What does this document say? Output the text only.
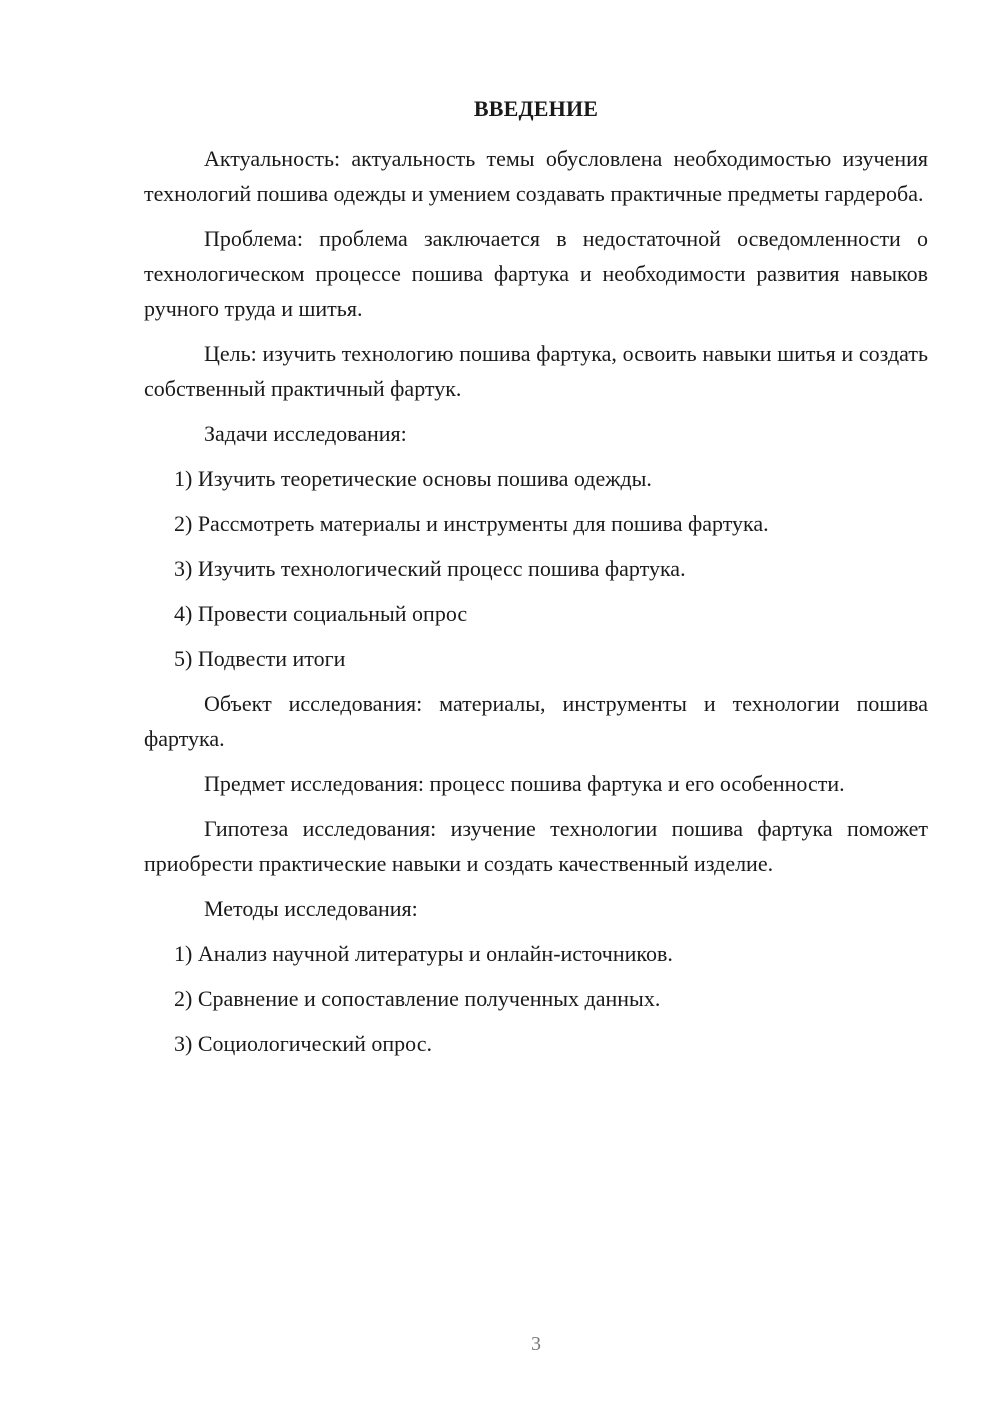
ВВЕДЕНИЕ

Актуальность: актуальность темы обусловлена необходимостью изучения технологий пошива одежды и умением создавать практичные предметы гардероба.

Проблема: проблема заключается в недостаточной осведомленности о технологическом процессе пошива фартука и необходимости развития навыков ручного труда и шитья.

Цель: изучить технологию пошива фартука, освоить навыки шитья и создать собственный практичный фартук.

Задачи исследования:

1) Изучить теоретические основы пошива одежды.
2) Рассмотреть материалы и инструменты для пошива фартука.
3) Изучить технологический процесс пошива фартука.
4) Провести социальный опрос
5) Подвести итоги

Объект исследования: материалы, инструменты и технологии пошива фартука.

Предмет исследования: процесс пошива фартука и его особенности.

Гипотеза исследования: изучение технологии пошива фартука поможет приобрести практические навыки и создать качественный изделие.

Методы исследования:

1) Анализ научной литературы и онлайн-источников.
2) Сравнение и сопоставление полученных данных.
3) Социологический опрос.
3
